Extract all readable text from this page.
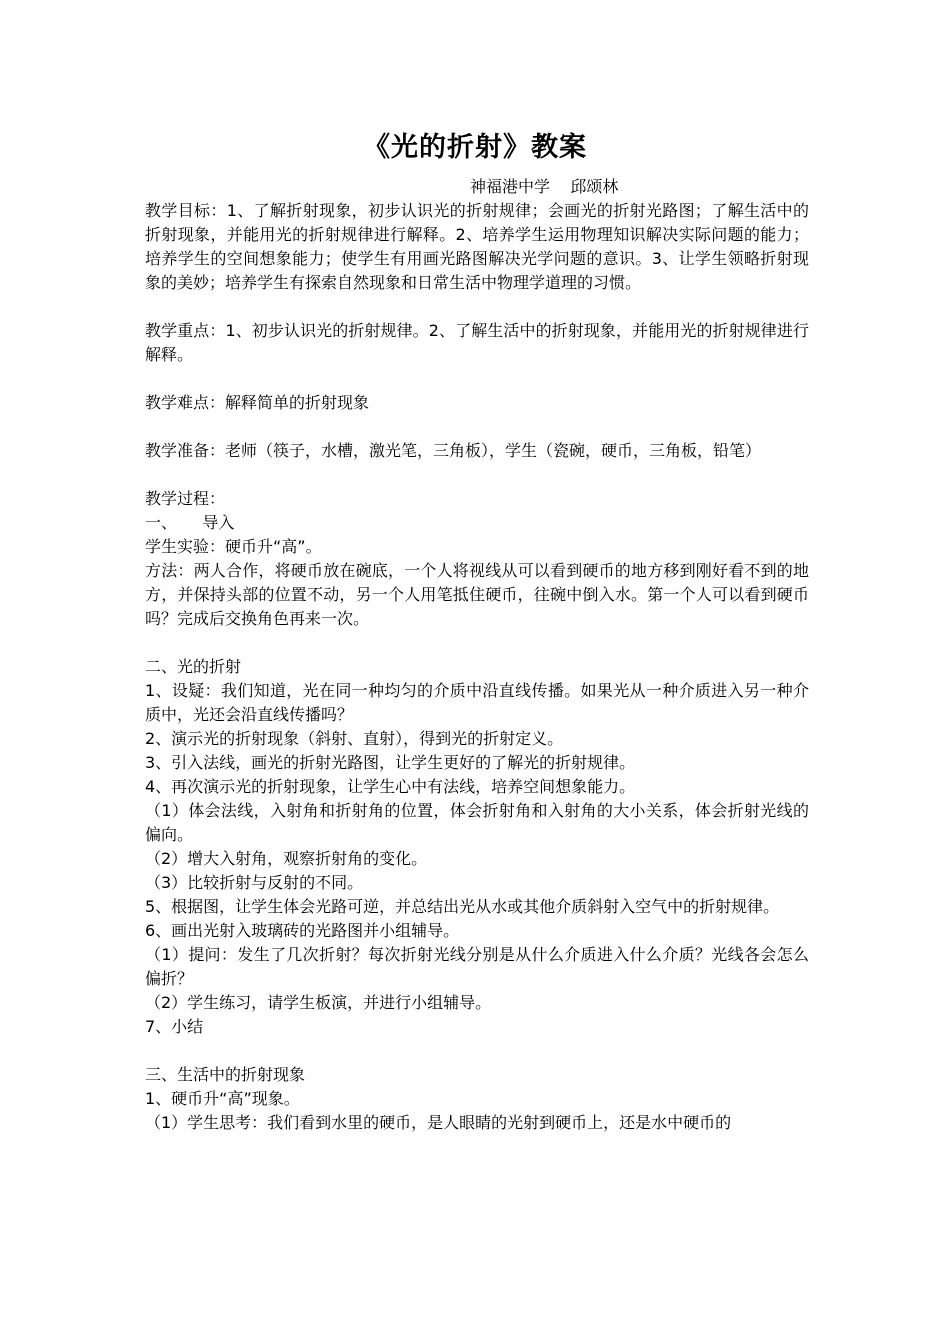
《光的折射》教案
神福港中学    邱颂林

教学目标：1、了解折射现象，初步认识光的折射规律；会画光的折射光路图；了解生活中的折射现象，并能用光的折射规律进行解释。2、培养学生运用物理知识解决实际问题的能力；培养学生的空间想象能力；使学生有用画光路图解决光学问题的意识。3、让学生领略折射现象的美妙；培养学生有探索自然现象和日常生活中物理学道理的习惯。

教学重点：1、初步认识光的折射规律。2、了解生活中的折射现象，并能用光的折射规律进行解释。

教学难点：解释简单的折射现象

教学准备：老师（筷子，水槽，激光笔，三角板），学生（瓷碗，硬币，三角板，铅笔）

教学过程：

一、     导入

学生实验：硬币升“高”。

方法：两人合作，将硬币放在碗底，一个人将视线从可以看到硬币的地方移到刚好看不到的地方，并保持头部的位置不动，另一个人用笔抵住硬币，往碗中倒入水。第一个人可以看到硬币吗？完成后交换角色再来一次。

二、光的折射

1、设疑：我们知道，光在同一种均匀的介质中沿直线传播。如果光从一种介质进入另一种介质中，光还会沿直线传播吗？

2、演示光的折射现象（斜射、直射），得到光的折射定义。

3、引入法线，画光的折射光路图，让学生更好的了解光的折射规律。

4、再次演示光的折射现象，让学生心中有法线，培养空间想象能力。

（1）体会法线，入射角和折射角的位置，体会折射角和入射角的大小关系，体会折射光线的偏向。

（2）增大入射角，观察折射角的变化。

（3）比较折射与反射的不同。

5、根据图，让学生体会光路可逆，并总结出光从水或其他介质斜射入空气中的折射规律。

6、画出光射入玻璃砖的光路图并小组辅导。

（1）提问：发生了几次折射？每次折射光线分别是从什么介质进入什么介质？光线各会怎么偏折？

（2）学生练习，请学生板演，并进行小组辅导。

7、小结

三、生活中的折射现象

1、硬币升“高”现象。

（1）学生思考：我们看到水里的硬币，是人眼睛的光射到硬币上，还是水中硬币的
